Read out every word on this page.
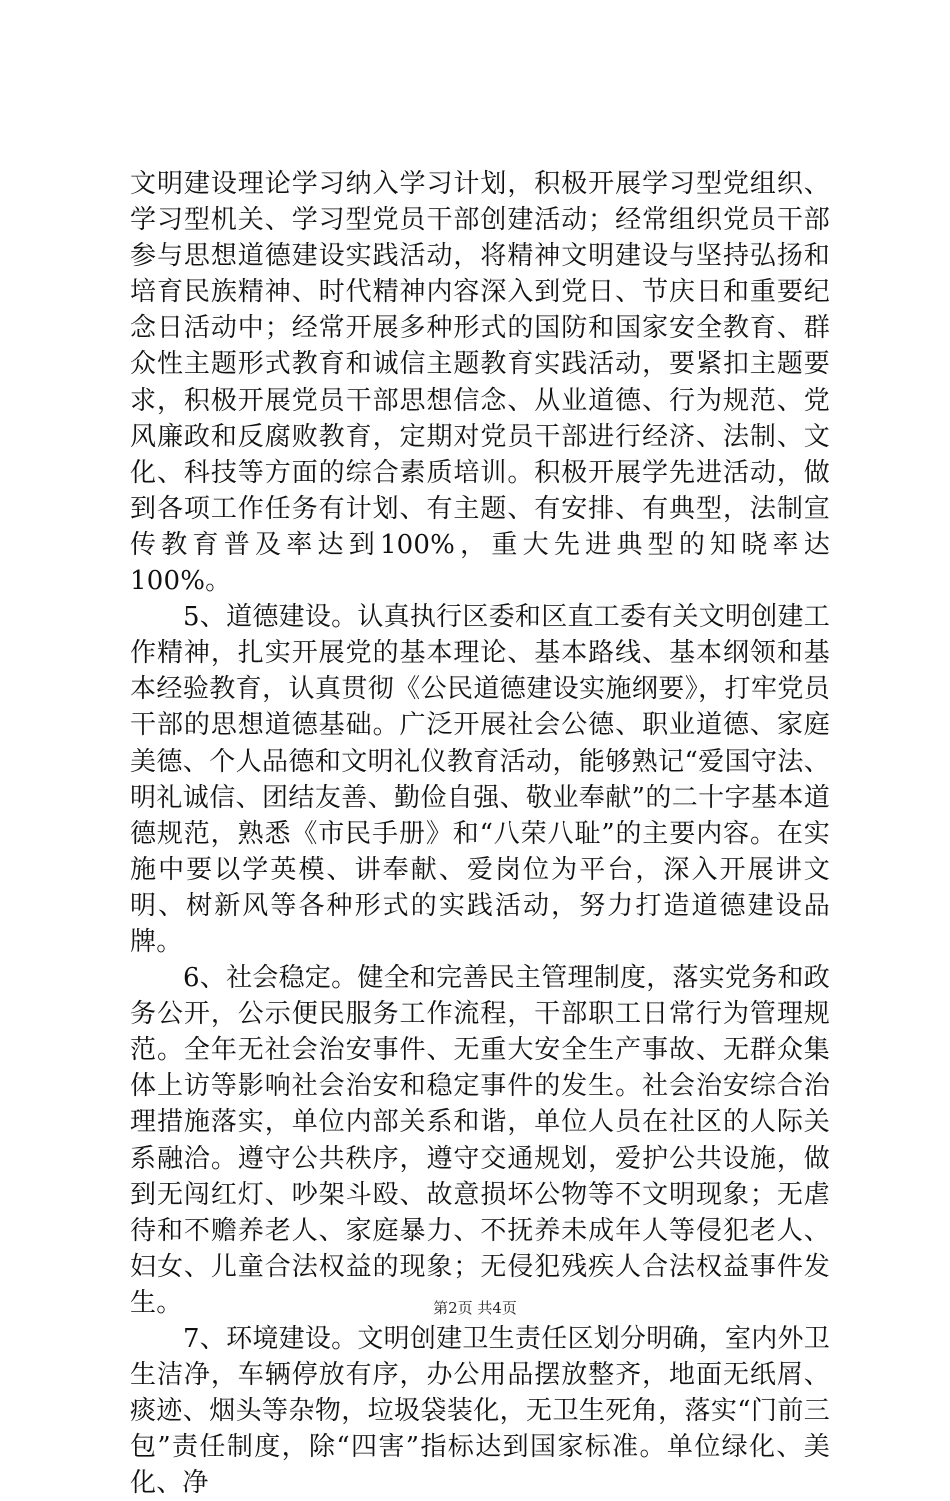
文明建设理论学习纳入学习计划，积极开展学习型党组织、学习型机关、学习型党员干部创建活动；经常组织党员干部参与思想道德建设实践活动，将精神文明建设与坚持弘扬和培育民族精神、时代精神内容深入到党日、节庆日和重要纪念日活动中；经常开展多种形式的国防和国家安全教育、群众性主题形式教育和诚信主题教育实践活动，要紧扣主题要求，积极开展党员干部思想信念、从业道德、行为规范、党风廉政和反腐败教育，定期对党员干部进行经济、法制、文化、科技等方面的综合素质培训。积极开展学先进活动，做到各项工作任务有计划、有主题、有安排、有典型，法制宣传教育普及率达到100%，重大先进典型的知晓率达100%。

5、道德建设。认真执行区委和区直工委有关文明创建工作精神，扎实开展党的基本理论、基本路线、基本纲领和基本经验教育，认真贯彻《公民道德建设实施纲要》，打牢党员干部的思想道德基础。广泛开展社会公德、职业道德、家庭美德、个人品德和文明礼仪教育活动，能够熟记“爱国守法、明礼诚信、团结友善、勤俭自强、敬业奉献”的二十字基本道德规范，熟悉《市民手册》和“八荣八耻”的主要内容。在实施中要以学英模、讲奉献、爱岗位为平台，深入开展讲文明、树新风等各种形式的实践活动，努力打造道德建设品牌。

6、社会稳定。健全和完善民主管理制度，落实党务和政务公开，公示便民服务工作流程，干部职工日常行为管理规范。全年无社会治安事件、无重大安全生产事故、无群众集体上访等影响社会治安和稳定事件的发生。社会治安综合治理措施落实，单位内部关系和谐，单位人员在社区的人际关系融洽。遵守公共秩序，遵守交通规划，爱护公共设施，做到无闯红灯、吵架斗殴、故意损坏公物等不文明现象；无虐待和不赡养老人、家庭暴力、不抚养未成年人等侵犯老人、妇女、儿童合法权益的现象；无侵犯残疾人合法权益事件发生。

7、环境建设。文明创建卫生责任区划分明确，室内外卫生洁净，车辆停放有序，办公用品摆放整齐，地面无纸屑、痰迹、烟头等杂物，垃圾袋装化，无卫生死角，落实“门前三包”责任制度，除“四害”指标达到国家标准。单位绿化、美化、净

第2页 共4页
